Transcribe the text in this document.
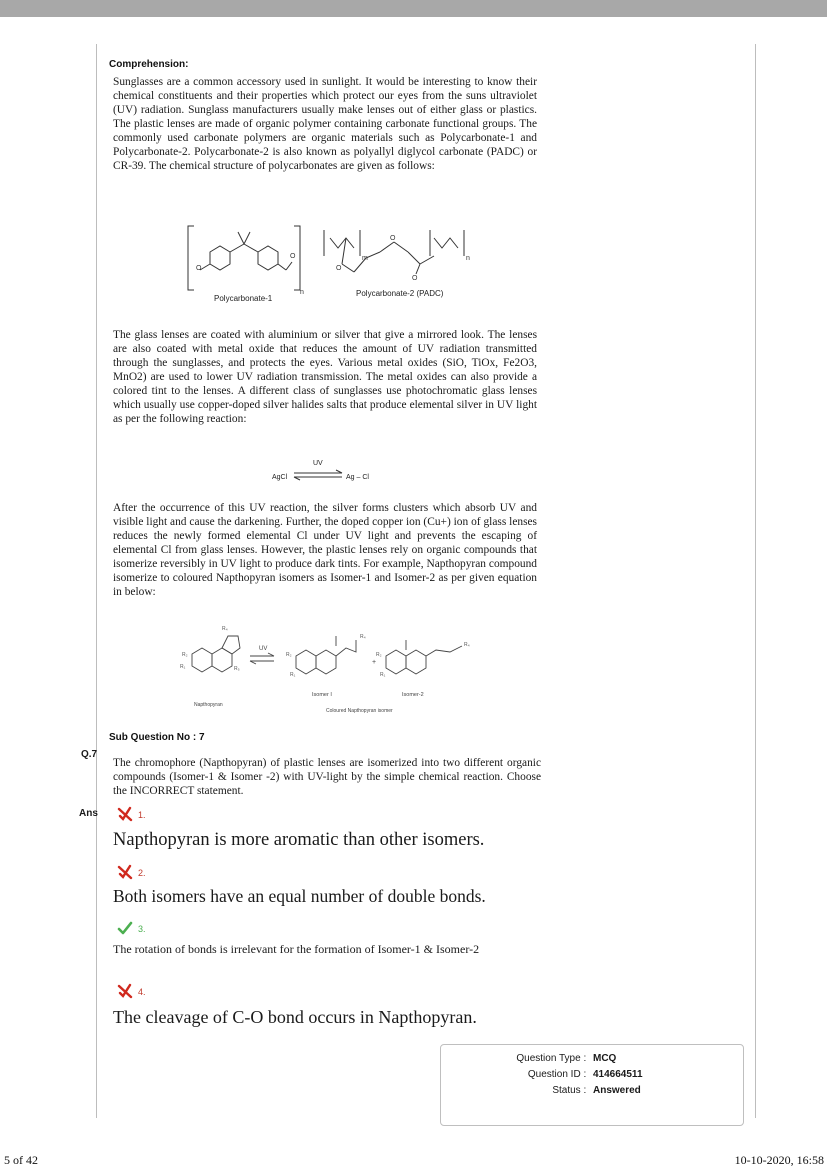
Comprehension:

Sunglasses are a common accessory used in sunlight. It would be interesting to know their chemical constituents and their properties which protect our eyes from the suns ultraviolet (UV) radiation. Sunglass manufacturers usually make lenses out of either glass or plastics. The plastic lenses are made of organic polymer containing carbonate functional groups. The commonly used carbonate polymers are organic materials such as Polycarbonate-1 and Polycarbonate-2. Polycarbonate-2 is also known as polyallyl diglycol carbonate (PADC) or CR-39. The chemical structure of polycarbonates are given as follows:

O
O
n
m	n
O
O
O
Polycarbonate-1
Polycarbonate-2 (PADC)

The glass lenses are coated with aluminium or silver that give a mirrored look. The lenses are also coated with metal oxide that reduces the amount of UV radiation transmitted through the sunglasses, and protects the eyes. Various metal oxides (SiO, TiOx, Fe2O3, MnO2) are used to lower UV radiation transmission. The metal oxides can also provide a colored tint to the lenses. A different class of sunglasses use photochromatic glass lenses which usually use copper-doped silver halides salts that produce elemental silver in UV light as per the following reaction:

AgCl
UV
Ag – Cl

After the occurrence of this UV reaction, the silver forms clusters which absorb UV and visible light and cause the darkening. Further, the doped copper ion (Cu+) ion of glass lenses reduces the newly formed elemental Cl under UV light and prevents the escaping of elemental Cl from glass lenses. However, the plastic lenses rely on organic compounds that isomerize reversibly in UV light to produce dark tints. For example, Napthopyran compound isomerize to coloured Napthopyran isomers as Isomer-1 and Isomer-2 as per given equation in below:

UV
+
R₂
R₁	R₅
R₄
R₂
R₁
R₄
R₂
R₁
R₄
Napthopyran
Isomer I	Isomer-2
Coloured Napthopyran isomer
Sub Question No : 7
Q.7

The chromophore (Napthopyran) of plastic lenses are isomerized into two different organic compounds (Isomer-1 & Isomer -2) with UV-light by the simple chemical reaction. Choose the INCORRECT statement.

Ans	1.

Napthopyran is more aromatic than other isomers.

2.

Both isomers have an equal number of double bonds.

3.

The rotation of bonds is irrelevant for the formation of Isomer-1 & Isomer-2

4.

The cleavage of C-O bond occurs in Napthopyran.

Question Type : MCQ
Question ID : 414664511
Status : Answered
5 of 42	10-10-2020, 16:58
